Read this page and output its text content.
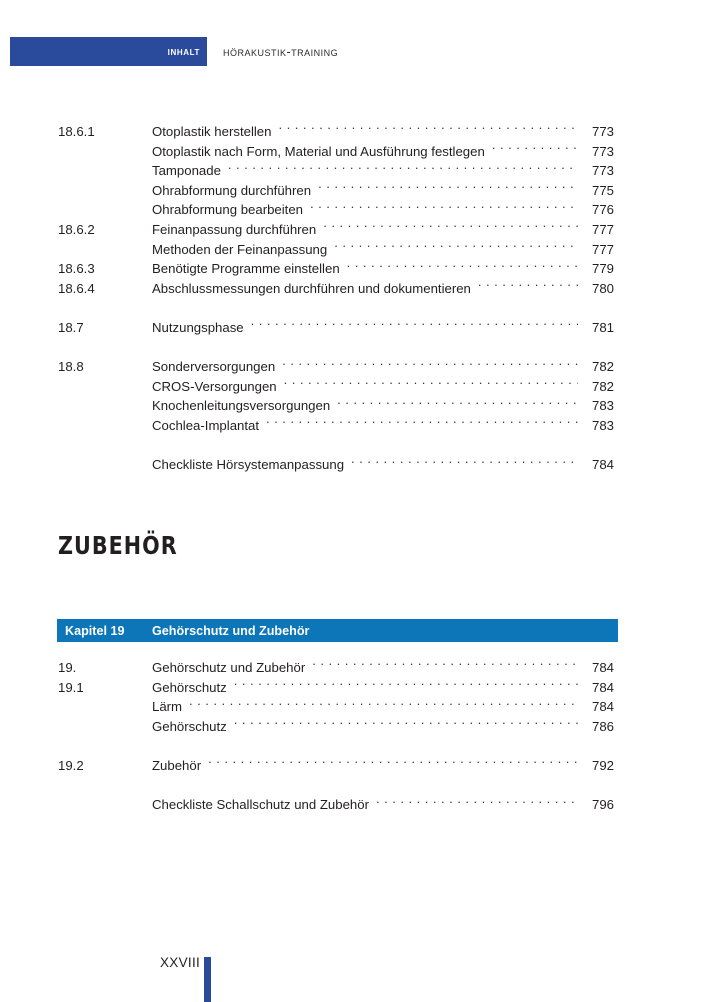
inhalt hörakustik-training
18.6.1	Otoplastik herstellen . . .	773
Otoplastik nach Form, Material und Ausführung festlegen . . .	773
Tamponade . . .	773
Ohrabformung durchführen . . .	775
Ohrabformung bearbeiten . . .	776
18.6.2	Feinanpassung durchführen . . .	777
Methoden der Feinanpassung . . .	777
18.6.3	Benötigte Programme einstellen . . .	779
18.6.4	Abschlussmessungen durchführen und dokumentieren . . .	780
18.7	Nutzungsphase . . .	781
18.8	Sonderversorgungen . . .	782
CROS-Versorgungen . . .	782
Knochenleitungsversorgungen . . .	783
Cochlea-Implantat . . .	783
Checkliste Hörsystemanpassung . . .	784
ZUBEHÖR
Kapitel 19 Gehörschutz und Zubehör
19.	Gehörschutz und Zubehör . . .	784
19.1	Gehörschutz . . .	784
Lärm . . .	784
Gehörschutz . . .	786
19.2	Zubehör . . .	792
Checkliste Schallschutz und Zubehör . . .	796
XXVIII
